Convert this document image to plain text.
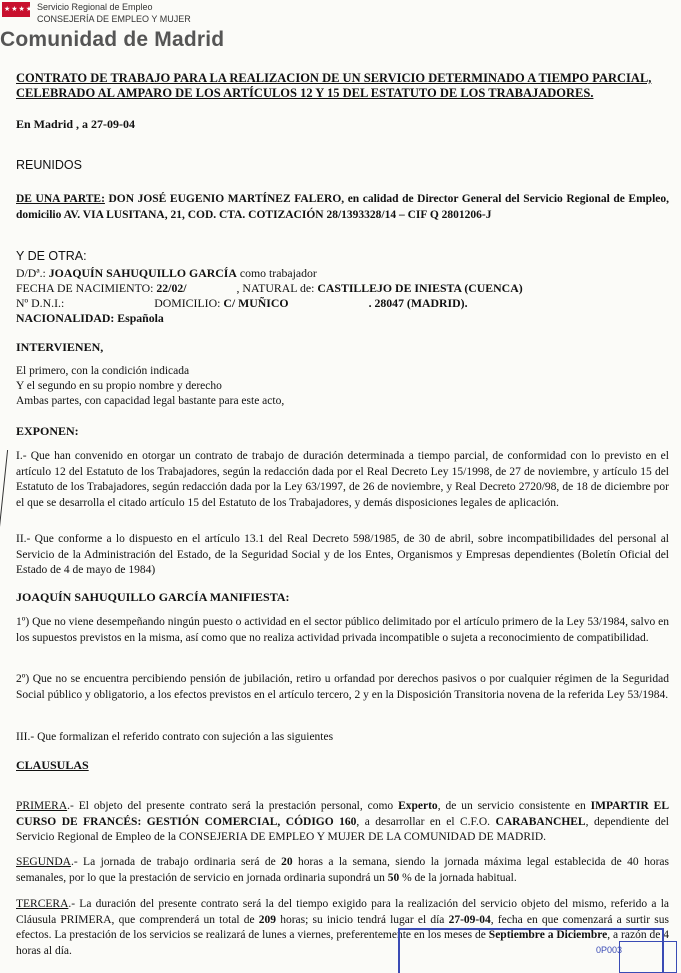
★★★★ Servicio Regional de Empleo
CONSEJERÍA DE EMPLEO Y MUJER
Comunidad de Madrid
CONTRATO DE TRABAJO PARA LA REALIZACION DE UN SERVICIO DETERMINADO A TIEMPO PARCIAL, CELEBRADO AL AMPARO DE LOS ARTÍCULOS 12 Y 15 DEL ESTATUTO DE LOS TRABAJADORES.
En Madrid , a 27-09-04
REUNIDOS
DE UNA PARTE: DON JOSÉ EUGENIO MARTÍNEZ FALERO, en calidad de Director General del Servicio Regional de Empleo, domicilio AV. VIA LUSITANA, 21, COD. CTA. COTIZACIÓN 28/1393328/14 – CIF Q 2801206-J
Y DE OTRA:
D/Dª.: JOAQUÍN SAHUQUILLO GARCÍA como trabajador
FECHA DE NACIMIENTO: 22/02/	, NATURAL de: CASTILLEJO DE INIESTA (CUENCA)
Nº D.N.I.:	DOMICILIO: C/ MUÑICO	. 28047 (MADRID).
NACIONALIDAD: Española
INTERVIENEN,
El primero, con la condición indicada
Y el segundo en su propio nombre y derecho
Ambas partes, con capacidad legal bastante para este acto,
EXPONEN:
I.- Que han convenido en otorgar un contrato de trabajo de duración determinada a tiempo parcial, de conformidad con lo previsto en el artículo 12 del Estatuto de los Trabajadores, según la redacción dada por el Real Decreto Ley 15/1998, de 27 de noviembre, y artículo 15 del Estatuto de los Trabajadores, según redacción dada por la Ley 63/1997, de 26 de noviembre, y Real Decreto 2720/98, de 18 de diciembre por el que se desarrolla el citado artículo 15 del Estatuto de los Trabajadores, y demás disposiciones legales de aplicación.
II.- Que conforme a lo dispuesto en el artículo 13.1 del Real Decreto 598/1985, de 30 de abril, sobre incompatibilidades del personal al Servicio de la Administración del Estado, de la Seguridad Social y de los Entes, Organismos y Empresas dependientes (Boletín Oficial del Estado de 4 de mayo de 1984)
JOAQUÍN SAHUQUILLO GARCÍA MANIFIESTA:
1º) Que no viene desempeñando ningún puesto o actividad en el sector público delimitado por el artículo primero de la Ley 53/1984, salvo en los supuestos previstos en la misma, así como que no realiza actividad privada incompatible o sujeta a reconocimiento de compatibilidad.
2º) Que no se encuentra percibiendo pensión de jubilación, retiro u orfandad por derechos pasivos o por cualquier régimen de la Seguridad Social público y obligatorio, a los efectos previstos en el artículo tercero, 2 y en la Disposición Transitoria novena de la referida Ley 53/1984.
III.- Que formalizan el referido contrato con sujeción a las siguientes
CLAUSULAS
PRIMERA.- El objeto del presente contrato será la prestación personal, como Experto, de un servicio consistente en IMPARTIR EL CURSO DE FRANCÉS: GESTIÓN COMERCIAL, CÓDIGO 160, a desarrollar en el C.F.O. CARABANCHEL, dependiente del Servicio Regional de Empleo de la CONSEJERIA DE EMPLEO Y MUJER DE LA COMUNIDAD DE MADRID.
SEGUNDA.- La jornada de trabajo ordinaria será de 20 horas a la semana, siendo la jornada máxima legal establecida de 40 horas semanales, por lo que la prestación de servicio en jornada ordinaria supondrá un 50 % de la jornada habitual.
TERCERA.- La duración del presente contrato será la del tiempo exigido para la realización del servicio objeto del mismo, referido a la Cláusula PRIMERA, que comprenderá un total de 209 horas; su inicio tendrá lugar el día 27-09-04, fecha en que comenzará a surtir sus efectos. La prestación de los servicios se realizará de lunes a viernes, preferentemente en los meses de Septiembre a Diciembre, a razón de 4 horas al día.	0P003
